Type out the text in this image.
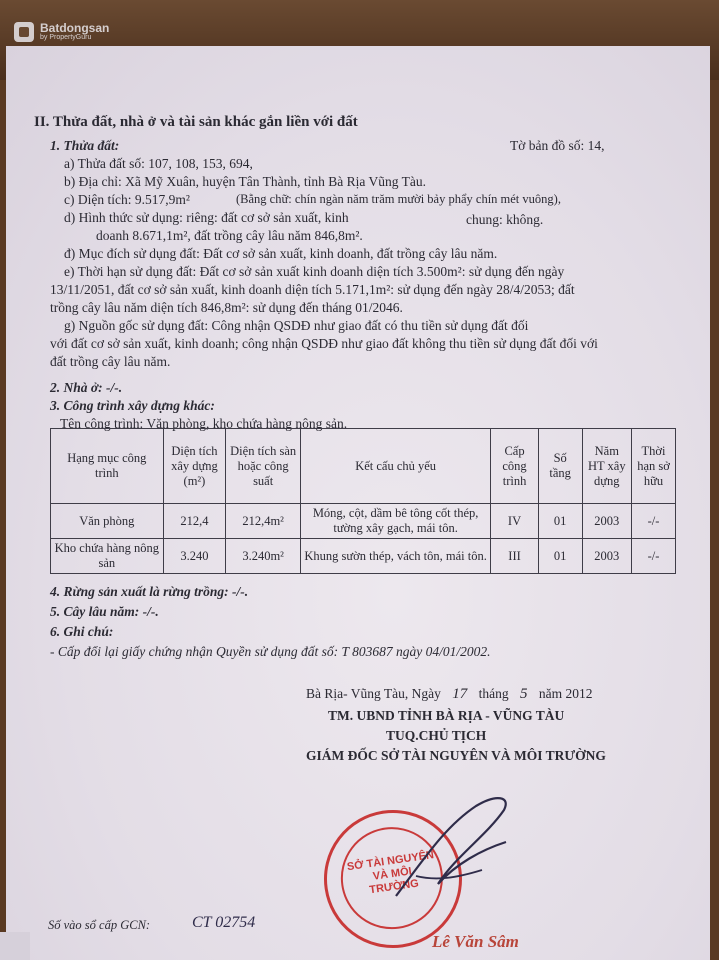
II. Thửa đất, nhà ở và tài sản khác gắn liền với đất
1. Thửa đất:	Tờ bản đồ số: 14,
a) Thửa đất số: 107, 108, 153, 694,
b) Địa chỉ: Xã Mỹ Xuân, huyện Tân Thành, tỉnh Bà Rịa Vũng Tàu.
c) Diện tích: 9.517,9m²	(Bằng chữ: chín ngàn năm trăm mười bảy phẩy chín mét vuông),
d) Hình thức sử dụng: riêng: đất cơ sở sản xuất, kinh	chung: không.
doanh 8.671,1m², đất trồng cây lâu năm 846,8m².
đ) Mục đích sử dụng đất: Đất cơ sở sản xuất, kinh doanh, đất trồng cây lâu năm.
e) Thời hạn sử dụng đất: Đất cơ sở sản xuất kinh doanh diện tích 3.500m²: sử dụng đến ngày
13/11/2051, đất cơ sở sản xuất, kinh doanh diện tích 5.171,1m²: sử dụng đến ngày 28/4/2053; đất
trồng cây lâu năm diện tích 846,8m²: sử dụng đến tháng 01/2046.
g) Nguồn gốc sử dụng đất: Công nhận QSDĐ như giao đất có thu tiền sử dụng đất đối
với đất cơ sở sản xuất, kinh doanh; công nhận QSDĐ như giao đất không thu tiền sử dụng đất đối với
đất trồng cây lâu năm.
2. Nhà ở: -/-.
3. Công trình xây dựng khác:
Tên công trình: Văn phòng, kho chứa hàng nông sản.
Hạng mục công trình	Diện tích xây dựng (m²)	Diện tích sàn hoặc công suất	Kết cấu chủ yếu	Cấp công trình	Số tầng	Năm HT xây dựng	Thời hạn sở hữu
Văn phòng	212,4	212,4m²	Móng, cột, dầm bê tông cốt thép, tường xây gạch, mái tôn.	IV	01	2003	-/-
Kho chứa hàng nông sản	3.240	3.240m²	Khung sườn thép, vách tôn, mái tôn.	III	01	2003	-/-
4. Rừng sản xuất là rừng trồng: -/-.
5. Cây lâu năm: -/-.
6. Ghi chú:
- Cấp đổi lại giấy chứng nhận Quyền sử dụng đất số: T 803687 ngày 04/01/2002.
Bà Rịa- Vũng Tàu, Ngày 17 tháng 5 năm 2012
TM. UBND TỈNH BÀ RỊA - VŨNG TÀU
TUQ.CHỦ TỊCH
GIÁM ĐỐC SỞ TÀI NGUYÊN VÀ MÔI TRƯỜNG
SỞ TÀI NGUYÊN VÀ MÔI TRƯỜNG
Lê Văn Sâm
Số vào sổ cấp GCN:	CT 02754
Batdongsan
by PropertyGuru
